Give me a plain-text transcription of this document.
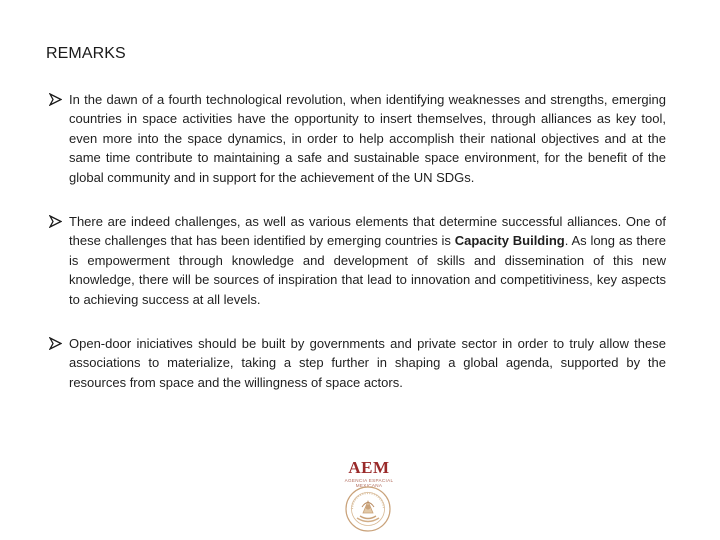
REMARKS
In the dawn of a fourth technological revolution, when identifying weaknesses and strengths, emerging countries in space activities have the opportunity to insert themselves, through alliances as key tool, even more into the space dynamics, in order to help accomplish their national objectives and at the same time contribute to maintaining a safe and sustainable space environment, for the benefit of the global community and in support for the achievement of the UN SDGs.
There are indeed challenges, as well as various elements that determine successful alliances. One of these challenges that has been identified by emerging countries is Capacity Building. As long as there is empowerment through knowledge and development of skills and dissemination of this new knowledge, there will be sources of inspiration that lead to innovation and competitiviness, key aspects to achieving success at all levels.
Open-door iniciatives should be built by governments and private sector in order to truly allow these associations to materialize, taking a step further in shaping a global agenda, supported by the resources from space and the willingness of space actors.
AEM
AGENCIA ESPACIAL MEXICANA
